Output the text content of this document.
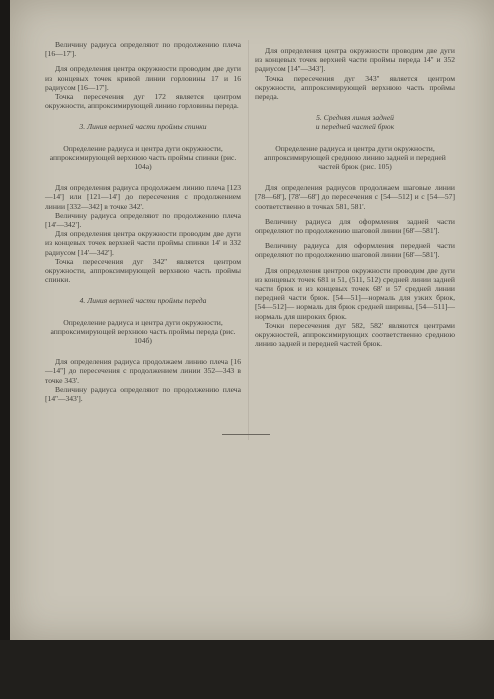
Величину радиуса определяют по продолжению плеча [16—17'].

Для определения центра окружности проводим две дуги из концевых точек кривой линии горловины 17 и 16 радиусом [16—17'].

Точка пересечения дуг 172 является центром окружности, аппроксимирующей линию горловины переда.

3. Линия верхней части проймы спинки

Определение радиуса и центра дуги окружности, аппроксимирующей верхнюю часть проймы спинки (рис. 104а)

Для определения радиуса продолжаем линию плеча [123—14'] или [121—14'] до пересечения с продолжением линии [332—342] в точке 342'.

Величину радиуса определяют по продолжению плеча [14'—342'].

Для определения центра окружности проводим две дуги из концевых точек верхней части проймы спинки 14' и 332 радиусом [14'—342'].

Точка пересечения дуг 342'' является центром окружности, аппроксимирующей верхнюю часть проймы спинки.

4. Линия верхней части проймы переда

Определение радиуса и центра дуги окружности, аппроксимирующей верхнюю часть проймы переда (рис. 104б)

Для определения радиуса продолжаем линию плеча [16—14''] до пересечения с продолжением линии 352—343 в точке 343'.

Величину радиуса определяют по продолжению плеча [14''—343'].

Для определения центра окружности проводим две дуги из концевых точек верхней части проймы переда 14'' и 352 радиусом [14''—343'].

Точка пересечения дуг 343'' является центром окружности, аппроксимирующей верхнюю часть проймы переда.

5. Средняя линия задней

и передней частей брюк

Определение радиуса и центра дуги окружности, аппроксимирующей среднюю линию задней и передней частей брюк (рис. 105)

Для определения радиусов продолжаем шаговые линии [78—68'], [78'—68'] до пересечения с [54—512] и с [54—57] соответственно в точках 581, 581'.

Величину радиуса для оформления задней части определяют по продолжению шаговой линии [68'—581'].

Величину радиуса для оформления передней части определяют по продолжению шаговой линии [68'—581'].

Для определения центров окружности проводим две дуги из концевых точек 681 и 51, (511, 512) средней линии задней части брюк и из концевых точек 68' и 57 средней линии передней части брюк. [54—51]—нормаль для узких брюк, [54—512]— нормаль для брюк средней ширины, [54—511]— нормаль для широких брюк.

Точки пересечения дуг 582, 582' являются центрами окружностей, аппроксимирующих соответственно среднюю линию задней и передней частей брюк.
